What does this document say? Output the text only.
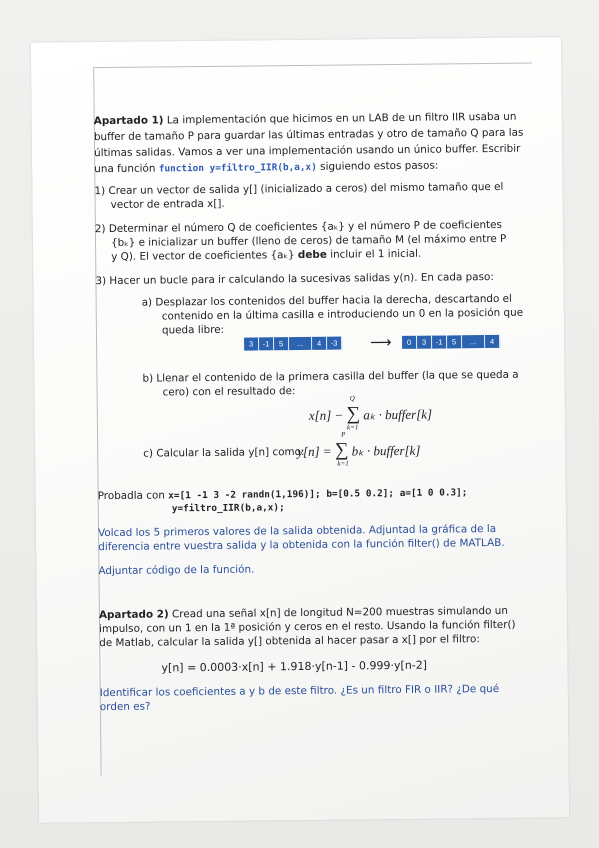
Apartado 1) La implementación que hicimos en un LAB de un filtro IIR usaba un
buffer de tamaño P para guardar las últimas entradas y otro de tamaño Q para las
últimas salidas. Vamos a ver una implementación usando un único buffer. Escribir
una función function y=filtro_IIR(b,a,x) siguiendo estos pasos:
1) Crear un vector de salida y[] (inicializado a ceros) del mismo tamaño que el
vector de entrada x[].
2) Determinar el número Q de coeficientes {aₖ} y el número P de coeficientes
{bₖ} e inicializar un buffer (lleno de ceros) de tamaño M (el máximo entre P
y Q). El vector de coeficientes {aₖ} debe incluir el 1 inicial.
3) Hacer un bucle para ir calculando la sucesivas salidas y(n). En cada paso:
a) Desplazar los contenidos del buffer hacia la derecha, descartando el
contenido en la última casilla e introduciendo un 0 en la posición que
queda libre:
3	-1	5	...	4	-3	⟶	0	3	-1	5	...	4
b) Llenar el contenido de la primera casilla del buffer (la que se queda a
cero) con el resultado de:
x[n] − ∑ aₖ · buffer[k]
Q
k=1
c) Calcular la salida y[n] como:
y[n] = ∑ bₖ · buffer[k]
P
k=1
Probadla con x=[1 -1 3 -2 randn(1,196)]; b=[0.5 0.2]; a=[1 0 0.3];
y=filtro_IIR(b,a,x);
Volcad los 5 primeros valores de la salida obtenida. Adjuntad la gráfica de la
diferencia entre vuestra salida y la obtenida con la función filter() de MATLAB.
Adjuntar código de la función.
Apartado 2) Cread una señal x[n] de longitud N=200 muestras simulando un
impulso, con un 1 en la 1ª posición y ceros en el resto. Usando la función filter()
de Matlab, calcular la salida y[] obtenida al hacer pasar a x[] por el filtro:
y[n] = 0.0003·x[n] + 1.918·y[n-1] - 0.999·y[n-2]
Identificar los coeficientes a y b de este filtro. ¿Es un filtro FIR o IIR? ¿De qué
orden es?
